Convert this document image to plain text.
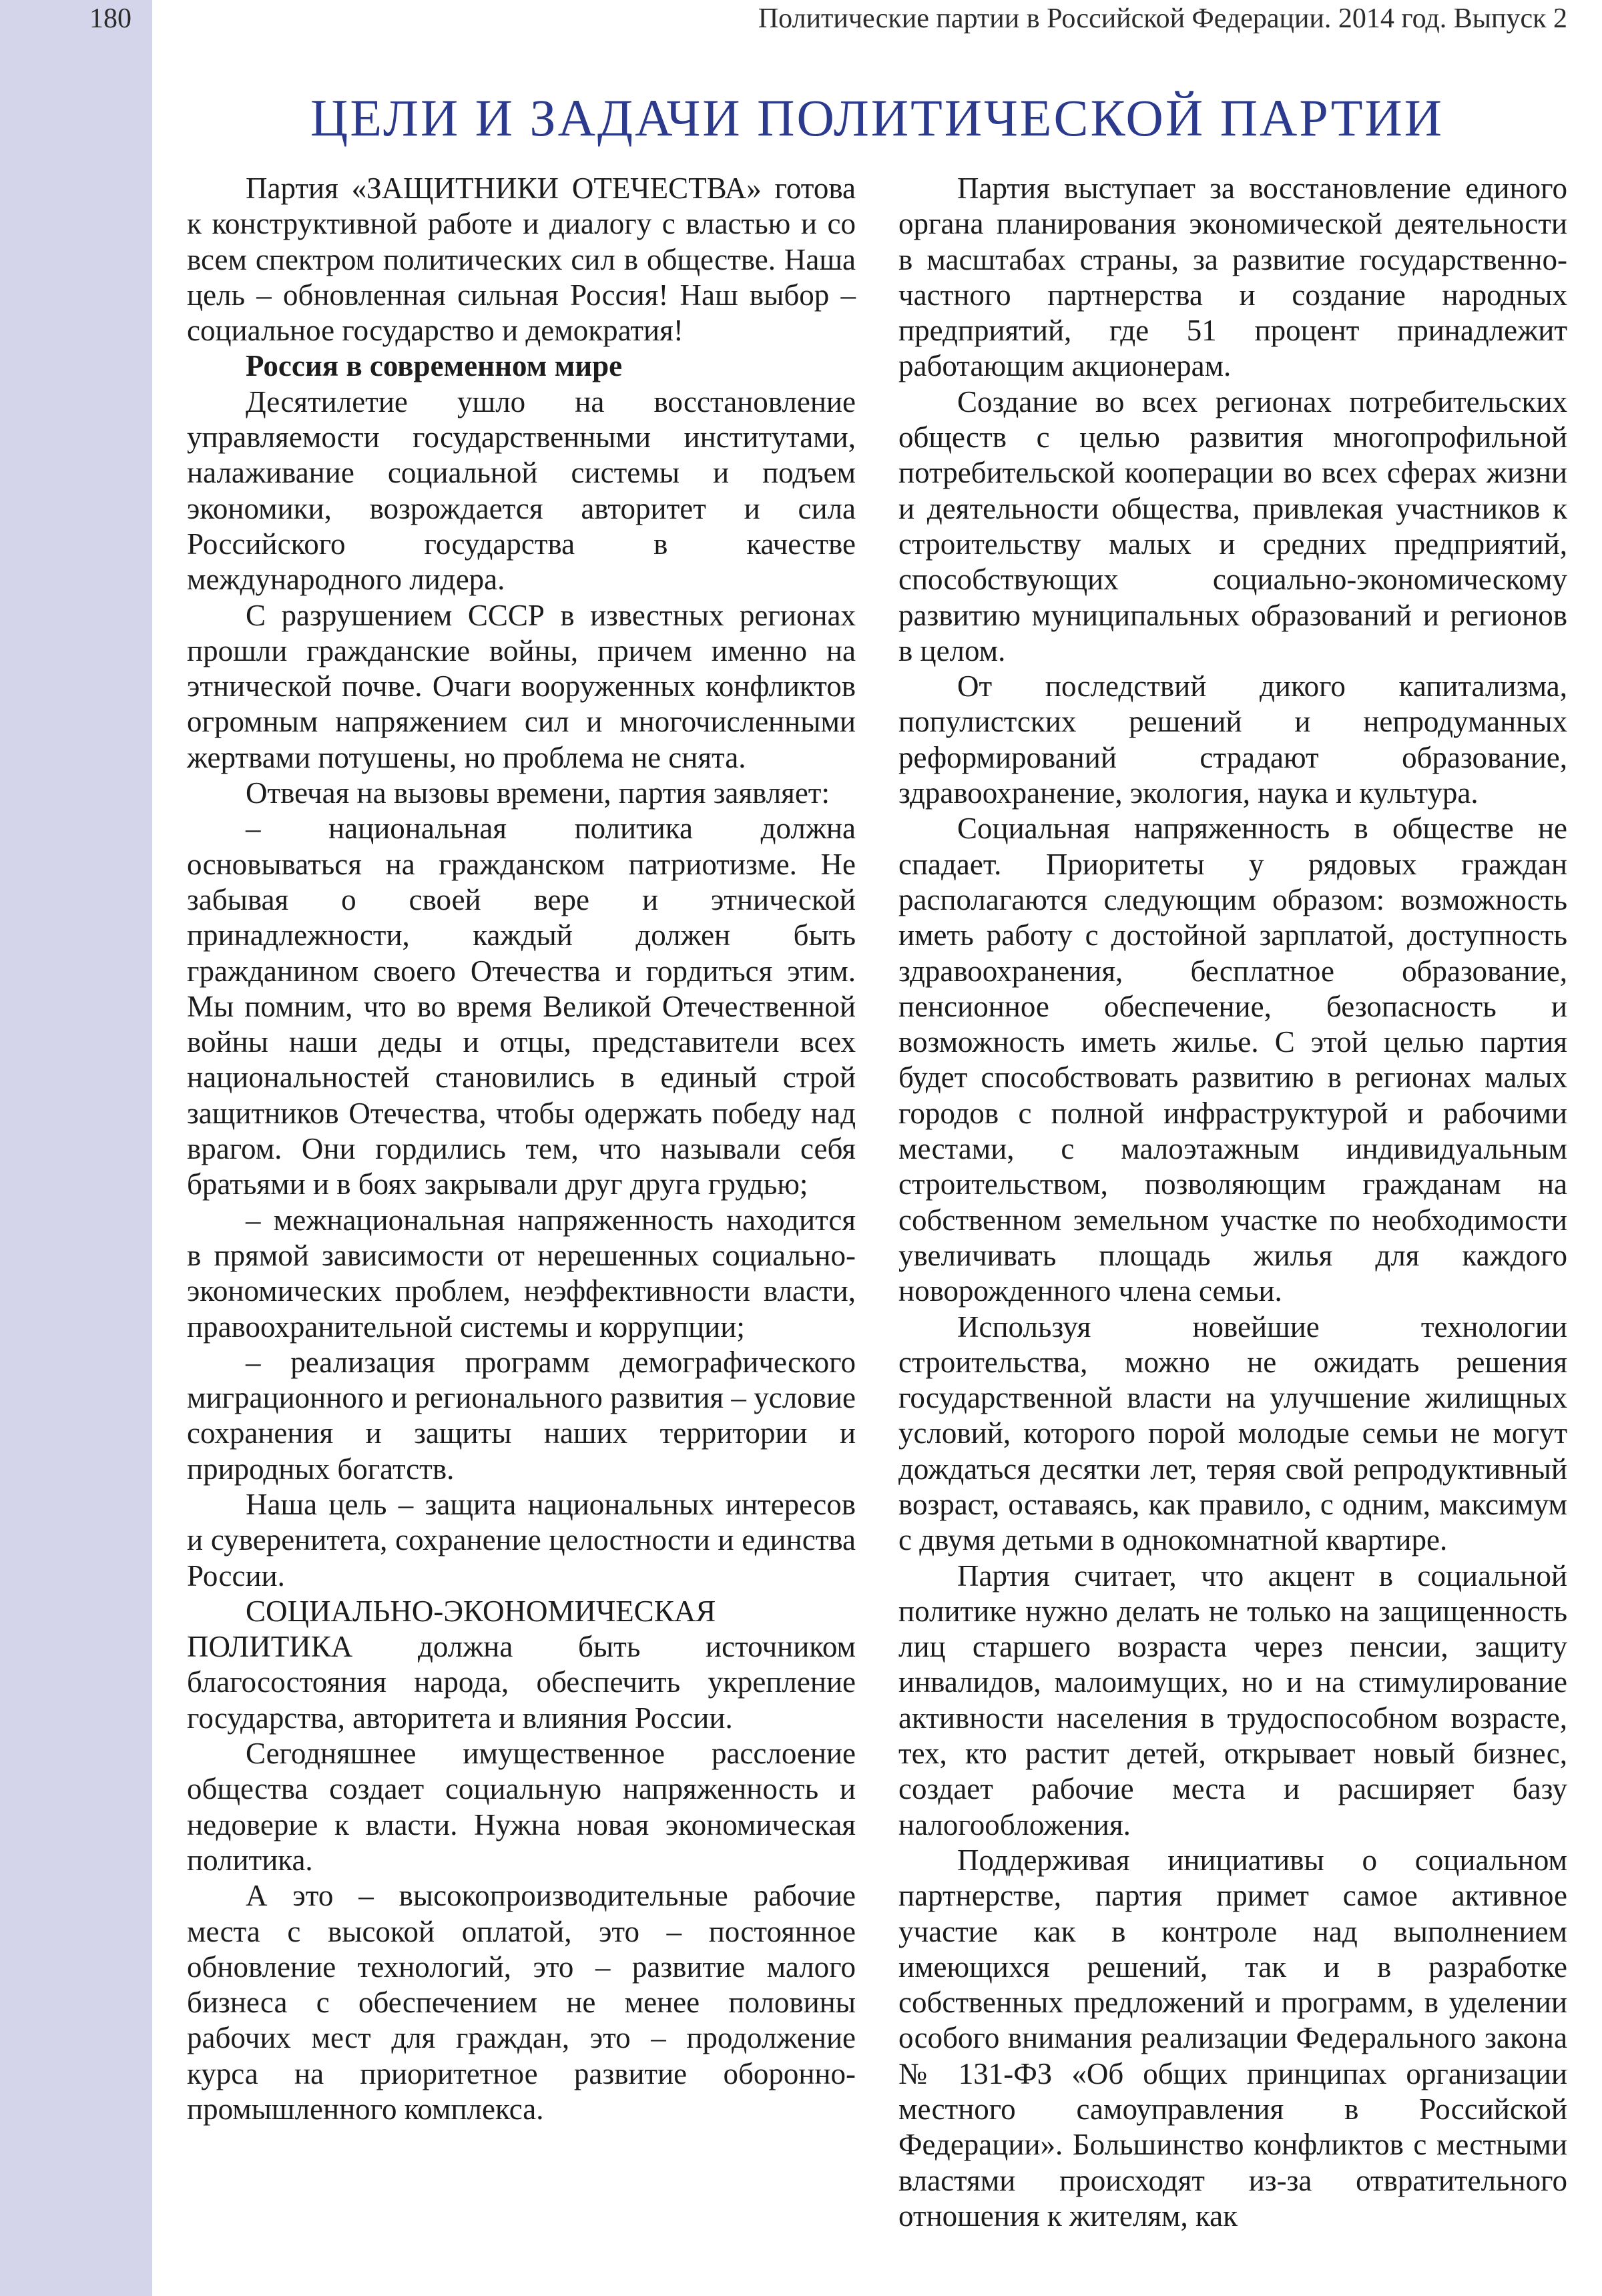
180	Политические партии в Российской Федерации. 2014 год. Выпуск 2
ЦЕЛИ И ЗАДАЧИ ПОЛИТИЧЕСКОЙ ПАРТИИ

Партия «ЗАЩИТНИКИ ОТЕЧЕСТВА» готова к конструктивной работе и диалогу с властью и со всем спектром политических сил в обществе. Наша цель – обновленная сильная Россия! Наш выбор – социальное государство и демократия!

Россия в современном мире

Десятилетие ушло на восстановление управляемости государственными институтами, налаживание социальной системы и подъем экономики, возрождается авторитет и сила Российского государства в качестве международного лидера.

С разрушением СССР в известных регионах прошли гражданские войны, причем именно на этнической почве. Очаги вооруженных конфликтов огромным напряжением сил и многочисленными жертвами потушены, но проблема не снята.

Отвечая на вызовы времени, партия заявляет:

– национальная политика должна основываться на гражданском патриотизме. Не забывая о своей вере и этнической принадлежности, каждый должен быть гражданином своего Отечества и гордиться этим. Мы помним, что во время Великой Отечественной войны наши деды и отцы, представители всех национальностей становились в единый строй защитников Отечества, чтобы одержать победу над врагом. Они гордились тем, что называли себя братьями и в боях закрывали друг друга грудью;

– межнациональная напряженность находится в прямой зависимости от нерешенных социально-экономических проблем, неэффективности власти, правоохранительной системы и коррупции;

– реализация программ демографического миграционного и регионального развития – условие сохранения и защиты наших территории и природных богатств.

Наша цель – защита национальных интересов и суверенитета, сохранение целостности и единства России.

СОЦИАЛЬНО-ЭКОНОМИЧЕСКАЯ ПОЛИТИКА должна быть источником благосостояния народа, обеспечить укрепление государства, авторитета и влияния России.

Сегодняшнее имущественное расслоение общества создает социальную напряженность и недоверие к власти. Нужна новая экономическая политика.

А это – высокопроизводительные рабочие места с высокой оплатой, это – постоянное обновление технологий, это – развитие малого бизнеса с обеспечением не менее половины рабочих мест для граждан, это – продолжение курса на приоритетное развитие оборонно-промышленного комплекса.

Партия выступает за восстановление единого органа планирования экономической деятельности в масштабах страны, за развитие государственно-частного партнерства и создание народных предприятий, где 51 процент принадлежит работающим акционерам.

Создание во всех регионах потребительских обществ с целью развития многопрофильной потребительской кооперации во всех сферах жизни и деятельности общества, привлекая участников к строительству малых и средних предприятий, способствующих социально-экономическому развитию муниципальных образований и регионов в целом.

От последствий дикого капитализма, популистских решений и непродуманных реформирований страдают образование, здравоохранение, экология, наука и культура.

Социальная напряженность в обществе не спадает. Приоритеты у рядовых граждан располагаются следующим образом: возможность иметь работу с достойной зарплатой, доступность здравоохранения, бесплатное образование, пенсионное обеспечение, безопасность и возможность иметь жилье. С этой целью партия будет способствовать развитию в регионах малых городов с полной инфраструктурой и рабочими местами, с малоэтажным индивидуальным строительством, позволяющим гражданам на собственном земельном участке по необходимости увеличивать площадь жилья для каждого новорожденного члена семьи.

Используя новейшие технологии строительства, можно не ожидать решения государственной власти на улучшение жилищных условий, которого порой молодые семьи не могут дождаться десятки лет, теряя свой репродуктивный возраст, оставаясь, как правило, с одним, максимум с двумя детьми в однокомнатной квартире.

Партия считает, что акцент в социальной политике нужно делать не только на защищенность лиц старшего возраста через пенсии, защиту инвалидов, малоимущих, но и на стимулирование активности населения в трудоспособном возрасте, тех, кто растит детей, открывает новый бизнес, создает рабочие места и расширяет базу налогообложения.

Поддерживая инициативы о социальном партнерстве, партия примет самое активное участие как в контроле над выполнением имеющихся решений, так и в разработке собственных предложений и программ, в уделении особого внимания реализации Федерального закона № 131-ФЗ «Об общих принципах организации местного самоуправления в Российской Федерации». Большинство конфликтов с местными властями происходят из-за отвратительного отношения к жителям, как
